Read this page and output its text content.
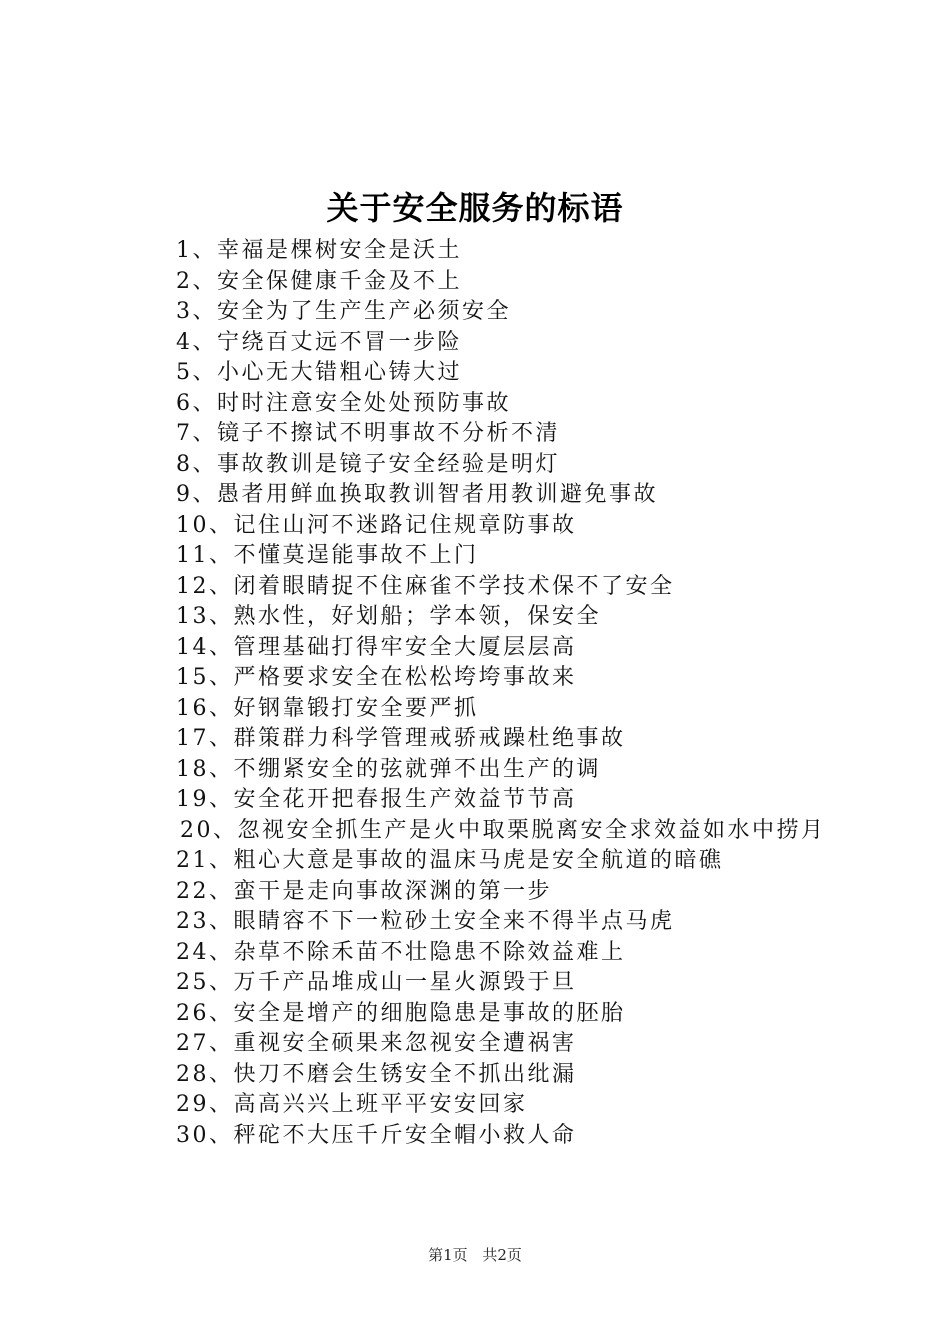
关于安全服务的标语
1、幸福是棵树安全是沃土
2、安全保健康千金及不上
3、安全为了生产生产必须安全
4、宁绕百丈远不冒一步险
5、小心无大错粗心铸大过
6、时时注意安全处处预防事故
7、镜子不擦试不明事故不分析不清
8、事故教训是镜子安全经验是明灯
9、愚者用鲜血换取教训智者用教训避免事故
10、记住山河不迷路记住规章防事故
11、不懂莫逞能事故不上门
12、闭着眼睛捉不住麻雀不学技术保不了安全
13、熟水性，好划船；学本领，保安全
14、管理基础打得牢安全大厦层层高
15、严格要求安全在松松垮垮事故来
16、好钢靠锻打安全要严抓
17、群策群力科学管理戒骄戒躁杜绝事故
18、不绷紧安全的弦就弹不出生产的调
19、安全花开把春报生产效益节节高
20、忽视安全抓生产是火中取栗脱离安全求效益如水中捞月
21、粗心大意是事故的温床马虎是安全航道的暗礁
22、蛮干是走向事故深渊的第一步
23、眼睛容不下一粒砂土安全来不得半点马虎
24、杂草不除禾苗不壮隐患不除效益难上
25、万千产品堆成山一星火源毁于旦
26、安全是增产的细胞隐患是事故的胚胎
27、重视安全硕果来忽视安全遭祸害
28、快刀不磨会生锈安全不抓出纰漏
29、高高兴兴上班平平安安回家
30、秤砣不大压千斤安全帽小救人命
第1页 共2页
